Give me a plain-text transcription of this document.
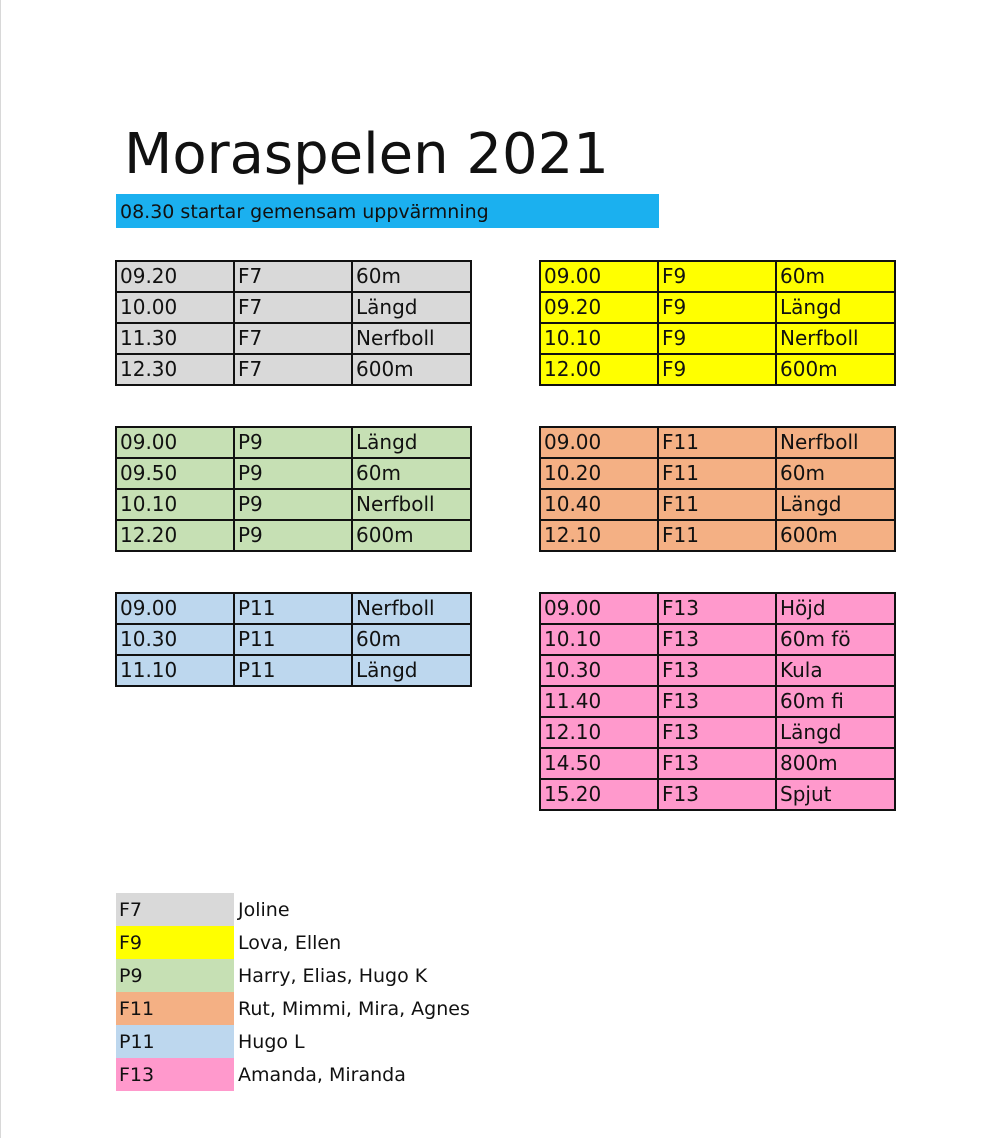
Moraspelen 2021
08.30 startar gemensam uppvärmning
09.20	F7	60m
10.00	F7	Längd
11.30	F7	Nerfboll
12.30	F7	600m
09.00	F9	60m
09.20	F9	Längd
10.10	F9	Nerfboll
12.00	F9	600m
09.00	P9	Längd
09.50	P9	60m
10.10	P9	Nerfboll
12.20	P9	600m
09.00	F11	Nerfboll
10.20	F11	60m
10.40	F11	Längd
12.10	F11	600m
09.00	P11	Nerfboll
10.30	P11	60m
11.10	P11	Längd
09.00	F13	Höjd
10.10	F13	60m fö
10.30	F13	Kula
11.40	F13	60m fi
12.10	F13	Längd
14.50	F13	800m
15.20	F13	Spjut
F7	Joline
F9	Lova, Ellen
P9	Harry, Elias, Hugo K
F11	Rut, Mimmi, Mira, Agnes
P11	Hugo L
F13	Amanda, Miranda
